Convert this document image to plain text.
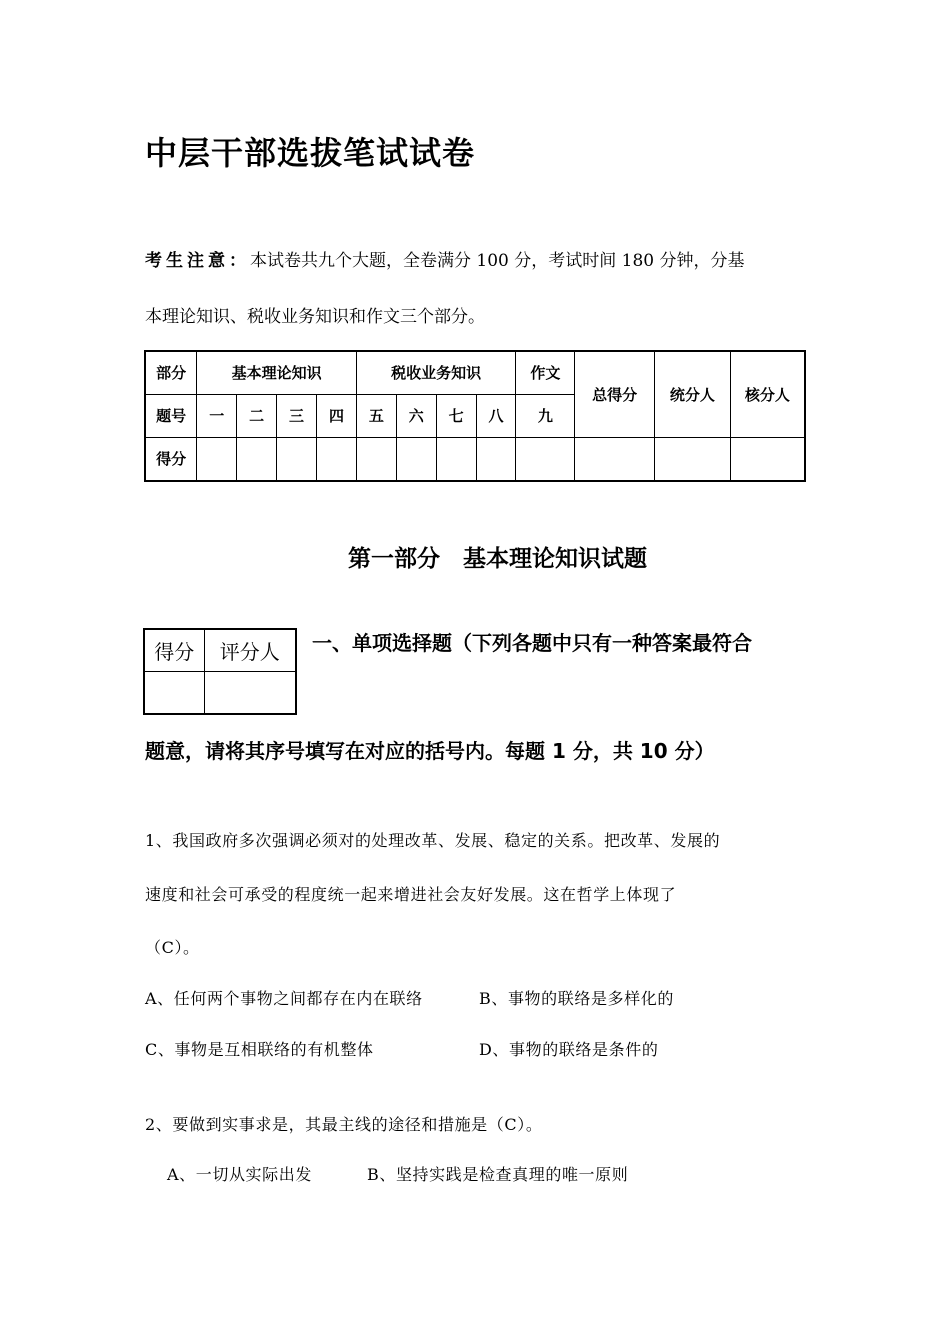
中层干部选拔笔试试卷
考生注意：本试卷共九个大题，全卷满分 100 分，考试时间 180 分钟，分基
本理论知识、税收业务知识和作文三个部分。
部分	基本理论知识				税收业务知识				作文	总得分	统分人	核分人
题号	一	二	三	四	五	六	七	八	九			
得分												
第一部分　基本理论知识试题
得分	评分人
	一、单项选择题（下列各题中只有一种答案最符合
题意，请将其序号填写在对应的括号内。每题 1 分，共 10 分）
1、我国政府多次强调必须对的处理改革、发展、稳定的关系。把改革、发展的
速度和社会可承受的程度统一起来增进社会友好发展。这在哲学上体现了
（C）。
A、任何两个事物之间都存在内在联络	B、事物的联络是多样化的
C、事物是互相联络的有机整体	D、事物的联络是条件的
2、要做到实事求是，其最主线的途径和措施是（C）。
A、一切从实际出发	B、坚持实践是检查真理的唯一原则
